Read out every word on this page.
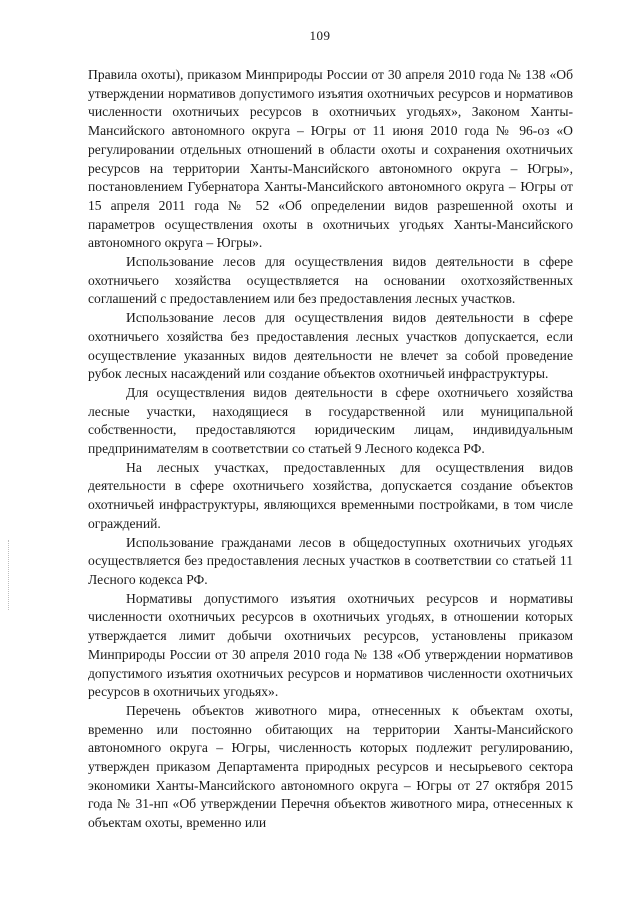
109

Правила охоты), приказом Минприроды России от 30 апреля 2010 года № 138 «Об утверждении нормативов допустимого изъятия охотничьих ресурсов и нормативов численности охотничьих ресурсов в охотничьих угодьях», Законом Ханты-Мансийского автономного округа – Югры от 11 июня 2010 года № 96-оз «О регулировании отдельных отношений в области охоты и сохранения охотничьих ресурсов на территории Ханты-Мансийского автономного округа – Югры», постановлением Губернатора Ханты-Мансийского автономного округа – Югры от 15 апреля 2011 года № 52 «Об определении видов разрешенной охоты и параметров осуществления охоты в охотничьих угодьях Ханты-Мансийского автономного округа – Югры».

Использование лесов для осуществления видов деятельности в сфере охотничьего хозяйства осуществляется на основании охотхозяйственных соглашений с предоставлением или без предоставления лесных участков.

Использование лесов для осуществления видов деятельности в сфере охотничьего хозяйства без предоставления лесных участков допускается, если осуществление указанных видов деятельности не влечет за собой проведение рубок лесных насаждений или создание объектов охотничьей инфраструктуры.

Для осуществления видов деятельности в сфере охотничьего хозяйства лесные участки, находящиеся в государственной или муниципальной собственности, предоставляются юридическим лицам, индивидуальным предпринимателям в соответствии со статьей 9 Лесного кодекса РФ.

На лесных участках, предоставленных для осуществления видов деятельности в сфере охотничьего хозяйства, допускается создание объектов охотничьей инфраструктуры, являющихся временными постройками, в том числе ограждений.

Использование гражданами лесов в общедоступных охотничьих угодьях осуществляется без предоставления лесных участков в соответствии со статьей 11 Лесного кодекса РФ.

Нормативы допустимого изъятия охотничьих ресурсов и нормативы численности охотничьих ресурсов в охотничьих угодьях, в отношении которых утверждается лимит добычи охотничьих ресурсов, установлены приказом Минприроды России от 30 апреля 2010 года № 138 «Об утверждении нормативов допустимого изъятия охотничьих ресурсов и нормативов численности охотничьих ресурсов в охотничьих угодьях».

Перечень объектов животного мира, отнесенных к объектам охоты, временно или постоянно обитающих на территории Ханты-Мансийского автономного округа – Югры, численность которых подлежит регулированию, утвержден приказом Департамента природных ресурсов и несырьевого сектора экономики Ханты-Мансийского автономного округа – Югры от 27 октября 2015 года № 31-нп «Об утверждении Перечня объектов животного мира, отнесенных к объектам охоты, временно или
